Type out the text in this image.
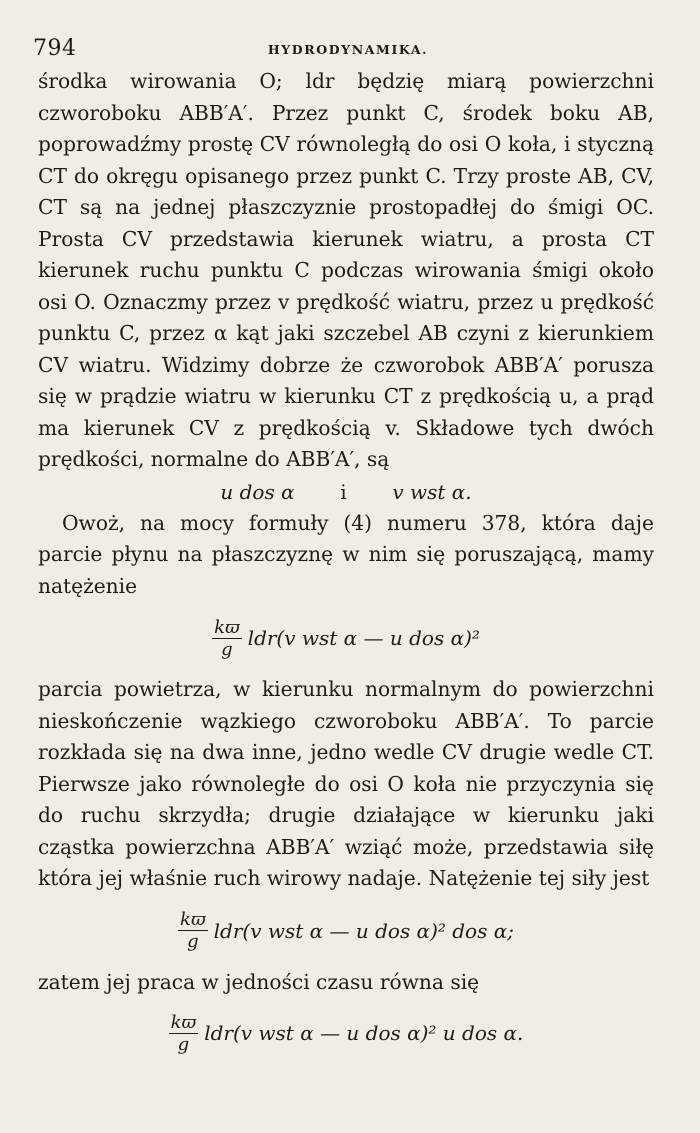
794	HYDRODYNAMIKA.

środka wirowania O; ldr będzię miarą powierzchni czworoboku ABB′A′. Przez punkt C, środek boku AB, poprowadźmy prostę CV równoległą do osi O koła, i styczną CT do okręgu opisanego przez punkt C. Trzy proste AB, CV, CT są na jednej płaszczyznie prostopadłej do śmigi OC. Prosta CV przedstawia kierunek wiatru, a prosta CT kierunek ruchu punktu C podczas wirowania śmigi około osi O. Oznaczmy przez v prędkość wiatru, przez u prędkość punktu C, przez α kąt jaki szczebel AB czyni z kierunkiem CV wiatru. Widzimy dobrze że czworobok ABB′A′ porusza się w prądzie wiatru w kierunku CT z prędkością u, a prąd ma kierunek CV z prędkością v. Składowe tych dwóch prędkości, normalne do ABB′A′, są

u dos α i v wst α.

Owoż, na mocy formuły (4) numeru 378, która daje parcie płynu na płaszczyznę w nim się poruszającą, mamy natężenie

$\frac{kϖ}{g} ldr(v$ wst α — u dos α)²

parcia powietrza, w kierunku normalnym do powierzchni nieskończenie wązkiego czworoboku ABB′A′. To parcie rozkłada się na dwa inne, jedno wedle CV drugie wedle CT. Pierwsze jako równoległe do osi O koła nie przyczynia się do ruchu skrzydła; drugie działające w kierunku jaki cząstka powierzchna ABB′A′ wziąć może, przedstawia siłę która jej właśnie ruch wirowy nadaje. Natężenie tej siły jest

$\frac{kϖ}{g} ldr(v$ wst α — u dos α)² dos α;

zatem jej praca w jedności czasu równa się

$\frac{kϖ}{g} ldr(v$ wst α — u dos α)² u dos α.
